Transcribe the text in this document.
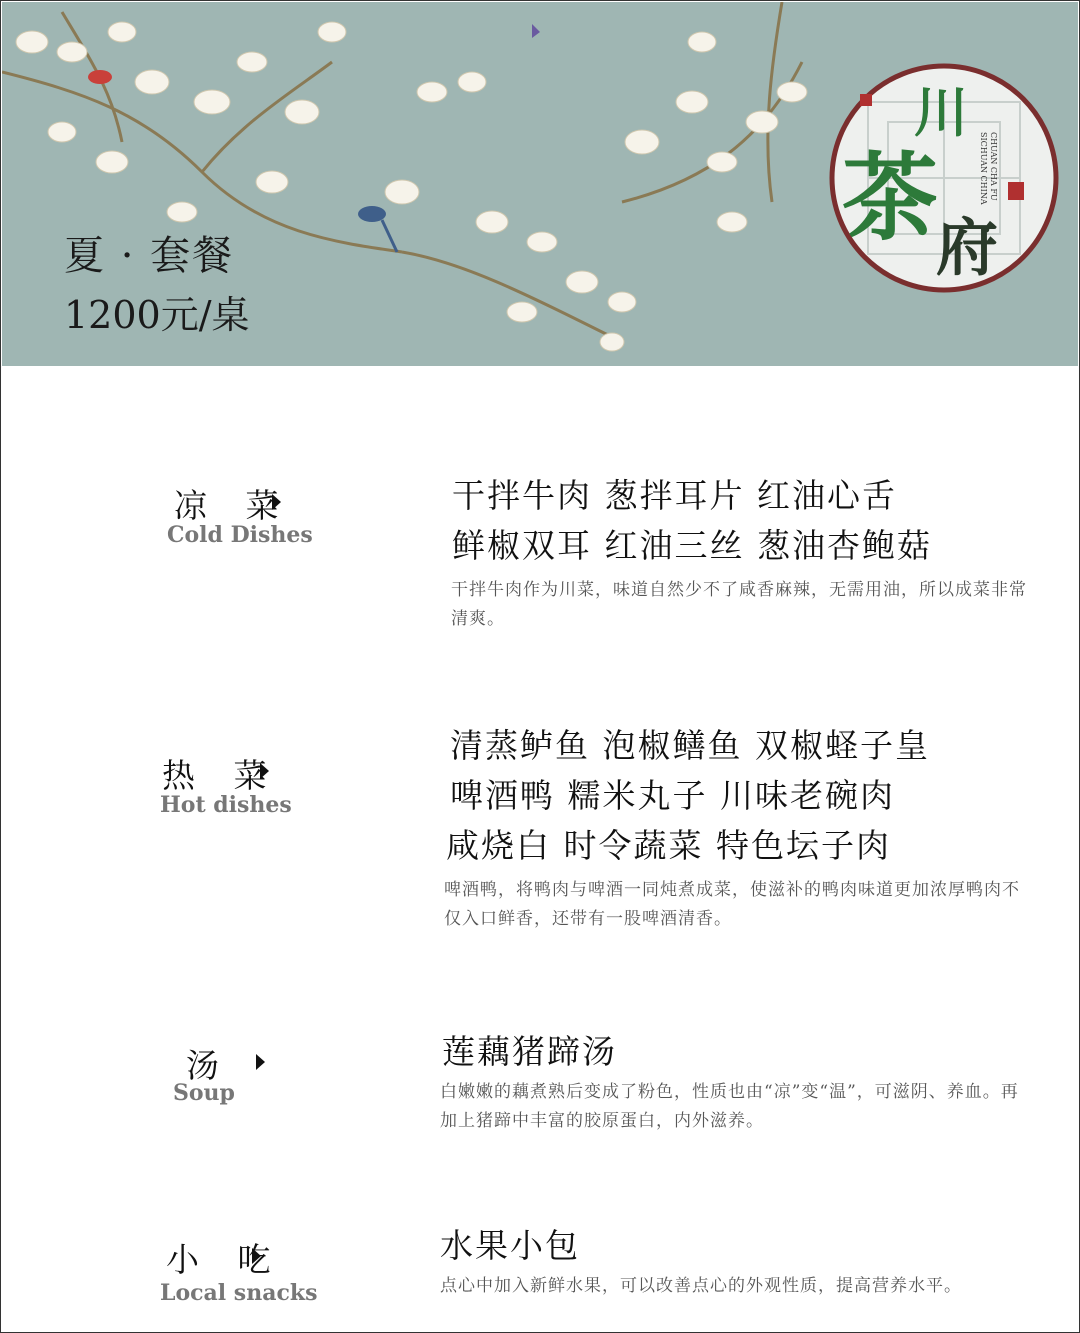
夏 · 套餐
1200元/桌
川
茶
府
SICHUAN CHINA CHUAN CHA FU
凉 菜
Cold Dishes
干拌牛肉 葱拌耳片 红油心舌
鲜椒双耳 红油三丝 葱油杏鲍菇
干拌牛肉作为川菜，味道自然少不了咸香麻辣，无需用油，所以成菜非常清爽。
热 菜
Hot dishes
清蒸鲈鱼 泡椒鳝鱼 双椒蛏子皇
啤酒鸭 糯米丸子 川味老碗肉
咸烧白 时令蔬菜 特色坛子肉
啤酒鸭，将鸭肉与啤酒一同炖煮成菜，使滋补的鸭肉味道更加浓厚鸭肉不仅入口鲜香，还带有一股啤酒清香。
汤
Soup
莲藕猪蹄汤
白嫩嫩的藕煮熟后变成了粉色，性质也由“凉”变“温”，可滋阴、养血。再加上猪蹄中丰富的胶原蛋白，内外滋养。
小 吃
Local snacks
水果小包
点心中加入新鲜水果，可以改善点心的外观性质，提高营养水平。
